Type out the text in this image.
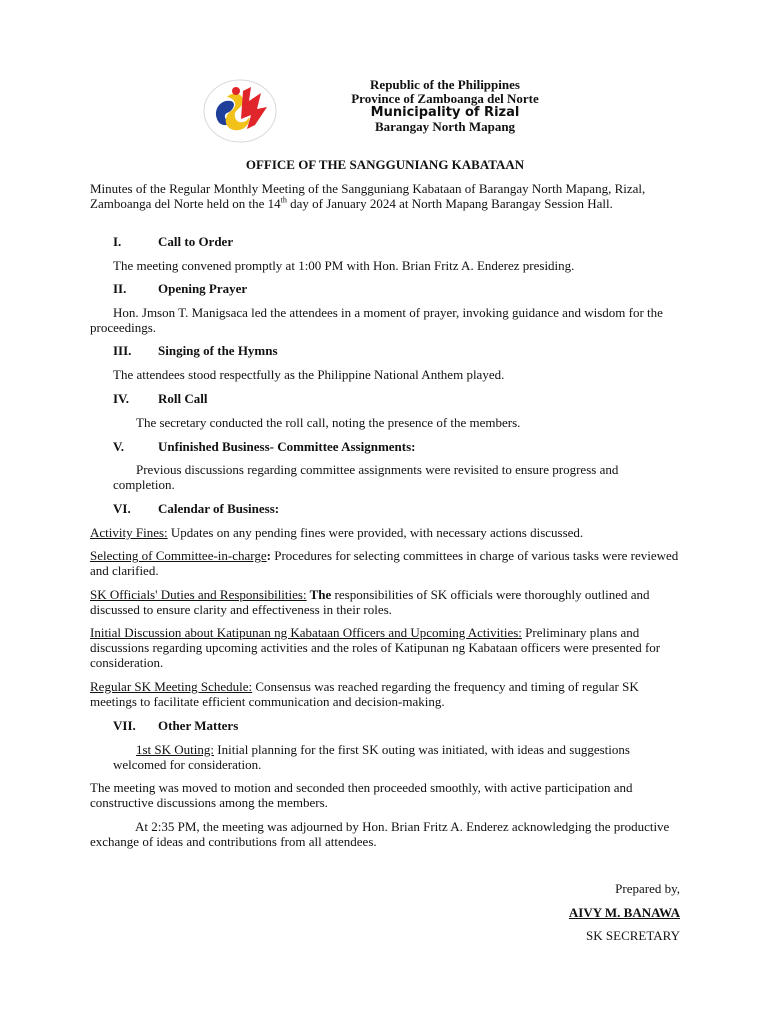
Republic of the Philippines
Province of Zamboanga del Norte
Municipality of Rizal
Barangay North Mapang
OFFICE OF THE SANGGUNIANG KABATAAN

Minutes of the Regular Monthly Meeting of the Sangguniang Kabataan of Barangay North Mapang, Rizal, Zamboanga del Norte held on the 14th day of January 2024 at North Mapang Barangay Session Hall.

I.	Call to Order

The meeting convened promptly at 1:00 PM with Hon. Brian Fritz A. Enderez presiding.

II. Opening Prayer

Hon. Jmson T. Manigsaca led the attendees in a moment of prayer, invoking guidance and wisdom for the proceedings.

III. Singing of the Hymns

The attendees stood respectfully as the Philippine National Anthem played.

IV. Roll Call

The secretary conducted the roll call, noting the presence of the members.

V.	Unfinished Business- Committee Assignments:

Previous discussions regarding committee assignments were revisited to ensure progress and completion.

VI. Calendar of Business:

Activity Fines: Updates on any pending fines were provided, with necessary actions discussed.

Selecting of Committee-in-charge: Procedures for selecting committees in charge of various tasks were reviewed and clarified.

SK Officials' Duties and Responsibilities: The responsibilities of SK officials were thoroughly outlined and discussed to ensure clarity and effectiveness in their roles.

Initial Discussion about Katipunan ng Kabataan Officers and Upcoming Activities: Preliminary plans and discussions regarding upcoming activities and the roles of Katipunan ng Kabataan officers were presented for consideration.

Regular SK Meeting Schedule: Consensus was reached regarding the frequency and timing of regular SK meetings to facilitate efficient communication and decision-making.

VII. Other Matters

1st SK Outing: Initial planning for the first SK outing was initiated, with ideas and suggestions welcomed for consideration.

The meeting was moved to motion and seconded then proceeded smoothly, with active participation and constructive discussions among the members.

At 2:35 PM, the meeting was adjourned by Hon. Brian Fritz A. Enderez acknowledging the productive exchange of ideas and contributions from all attendees.

Prepared by,
AIVY M. BANAWA
SK SECRETARY
